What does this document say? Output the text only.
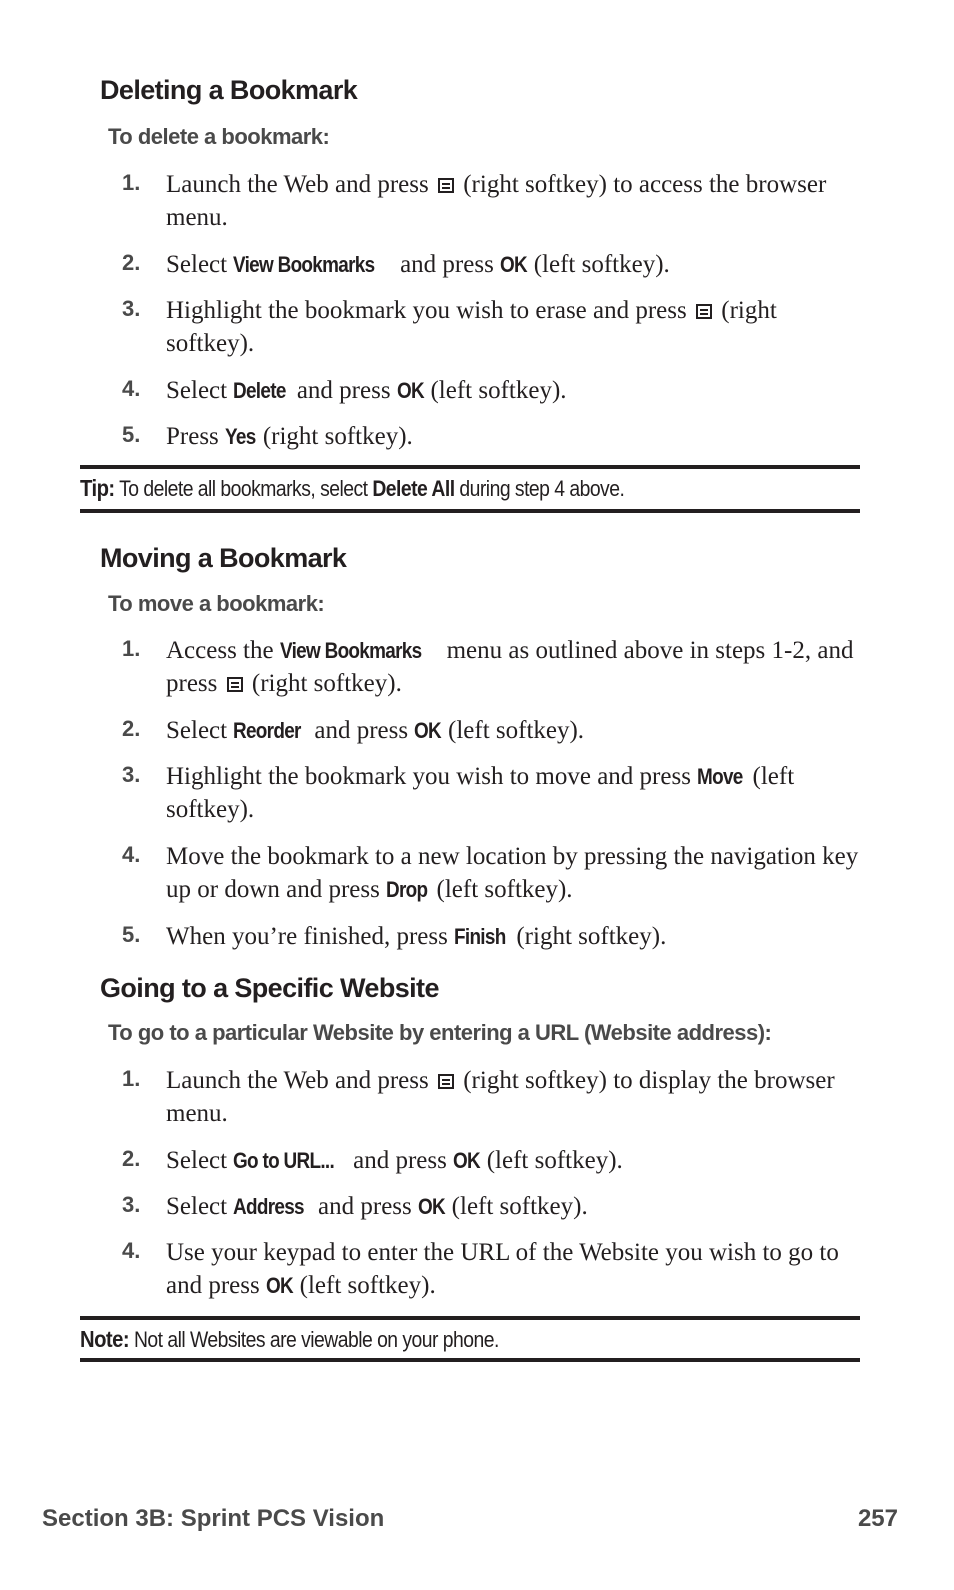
Deleting a Bookmark
To delete a bookmark:
1.	Launch the Web and press  (right softkey) to access the browser menu.
2.	Select View Bookmarks and press OK (left softkey).
3.	Highlight the bookmark you wish to erase and press  (right softkey).
4.	Select Delete and press OK (left softkey).
5.	Press Yes (right softkey).
Tip: To delete all bookmarks, select Delete All during step 4 above.
Moving a Bookmark
To move a bookmark:
1.	Access the View Bookmarks menu as outlined above in steps 1-2, and press  (right softkey).
2.	Select Reorder and press OK (left softkey).
3.	Highlight the bookmark you wish to move and press Move (left softkey).
4.	Move the bookmark to a new location by pressing the navigation key up or down and press Drop (left softkey).
5.	When you’re finished, press Finish (right softkey).
Going to a Specific Website
To go to a particular Website by entering a URL (Website address):
1.	Launch the Web and press  (right softkey) to display the browser menu.
2.	Select Go to URL... and press OK (left softkey).
3.	Select Address and press OK (left softkey).
4.	Use your keypad to enter the URL of the Website you wish to go to and press OK (left softkey).
Note: Not all Websites are viewable on your phone.
Section 3B: Sprint PCS Vision	257
